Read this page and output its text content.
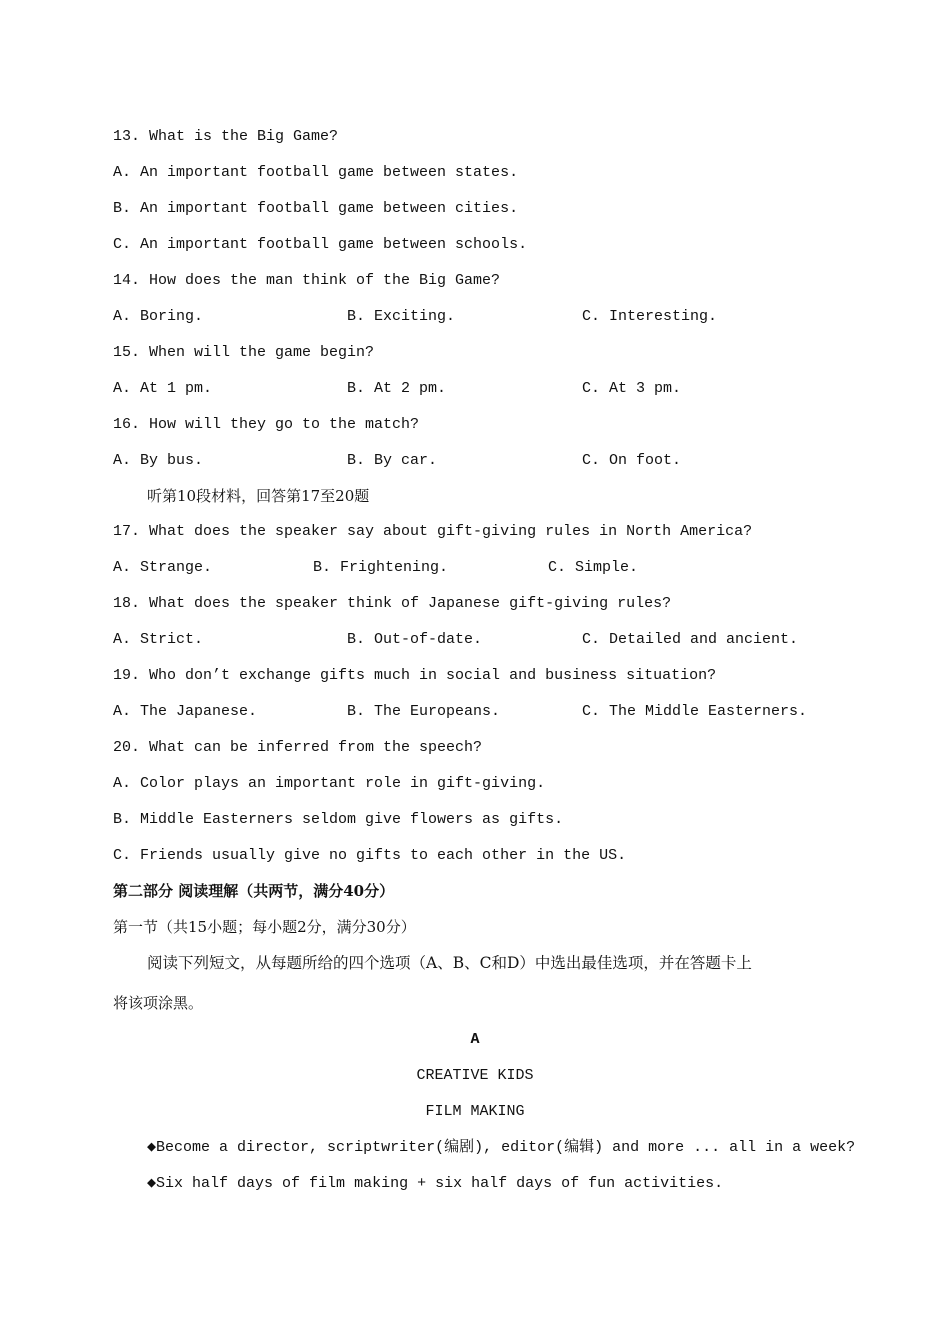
13. What is the Big Game?
A. An important football game between states.
B. An important football game between cities.
C. An important football game between schools.
14. How does the man think of the Big Game?
A. Boring.	B. Exciting.	C. Interesting.
15. When will the game begin?
A. At 1 pm.	B. At 2 pm.	C. At 3 pm.
16. How will they go to the match?
A. By bus.	B. By car.	C. On foot.
听第10段材料，回答第17至20题
17. What does the speaker say about gift-giving rules in North America?
A. Strange.	B. Frightening.	C. Simple.
18. What does the speaker think of Japanese gift-giving rules?
A. Strict.	B. Out-of-date.	C. Detailed and ancient.
19. Who don’t exchange gifts much in social and business situation?
A. The Japanese.	B. The Europeans.	C. The Middle Easterners.
20. What can be inferred from the speech?
A. Color plays an important role in gift-giving.
B. Middle Easterners seldom give flowers as gifts.
C. Friends usually give no gifts to each other in the US.
第二部分 阅读理解（共两节，满分40分）
第一节（共15小题；每小题2分，满分30分）
阅读下列短文，从每题所给的四个选项（A、B、C和D）中选出最佳选项，并在答题卡上
将该项涂黑。
A
CREATIVE KIDS
FILM MAKING
◆Become a director, scriptwriter(编剧), editor(编辑) and more ... all in a week?
◆Six half days of film making + six half days of fun activities.
